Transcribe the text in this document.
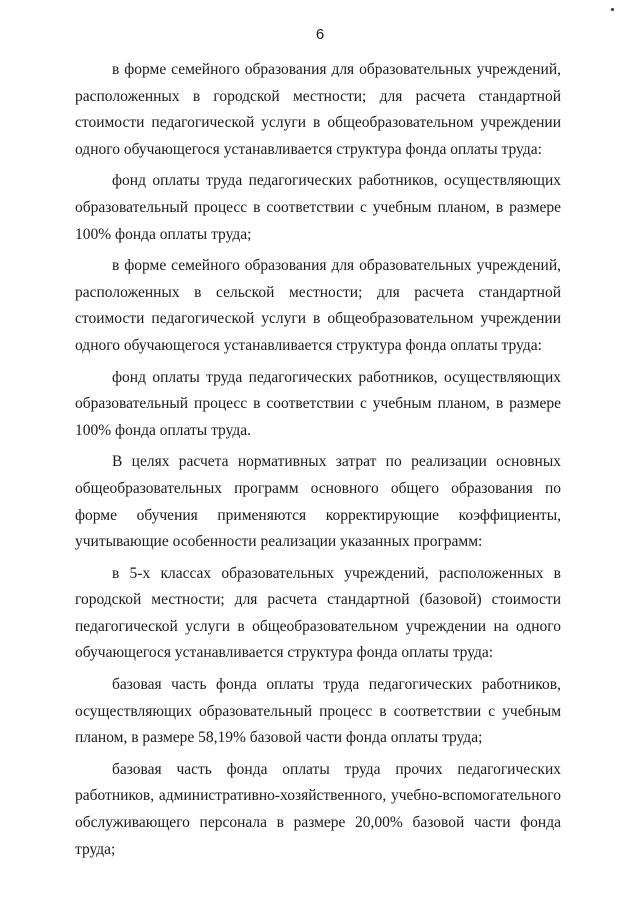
6
в форме семейного образования для образовательных учреждений,
расположенных в городской местности; для расчета стандартной
стоимости педагогической услуги в общеобразовательном учреждении
одного обучающегося устанавливается структура фонда оплаты труда:
фонд оплаты труда педагогических работников, осуществляющих
образовательный процесс в соответствии с учебным планом, в размере
100% фонда оплаты труда;
в форме семейного образования для образовательных учреждений,
расположенных в сельской местности; для расчета стандартной
стоимости педагогической услуги в общеобразовательном учреждении
одного обучающегося устанавливается структура фонда оплаты труда:
фонд оплаты труда педагогических работников, осуществляющих
образовательный процесс в соответствии с учебным планом, в размере
100% фонда оплаты труда.
В целях расчета нормативных затрат по реализации основных
общеобразовательных программ основного общего образования по
форме обучения применяются корректирующие коэффициенты,
учитывающие особенности реализации указанных программ:
в 5-х классах образовательных учреждений, расположенных в
городской местности; для расчета стандартной (базовой) стоимости
педагогической услуги в общеобразовательном учреждении на одного
обучающегося устанавливается структура фонда оплаты труда:
базовая часть фонда оплаты труда педагогических работников,
осуществляющих образовательный процесс в соответствии с учебным
планом, в размере 58,19% базовой части фонда оплаты труда;
базовая часть фонда оплаты труда прочих педагогических
работников, административно-хозяйственного, учебно-вспомогательного
обслуживающего персонала в размере 20,00% базовой части фонда
труда;
